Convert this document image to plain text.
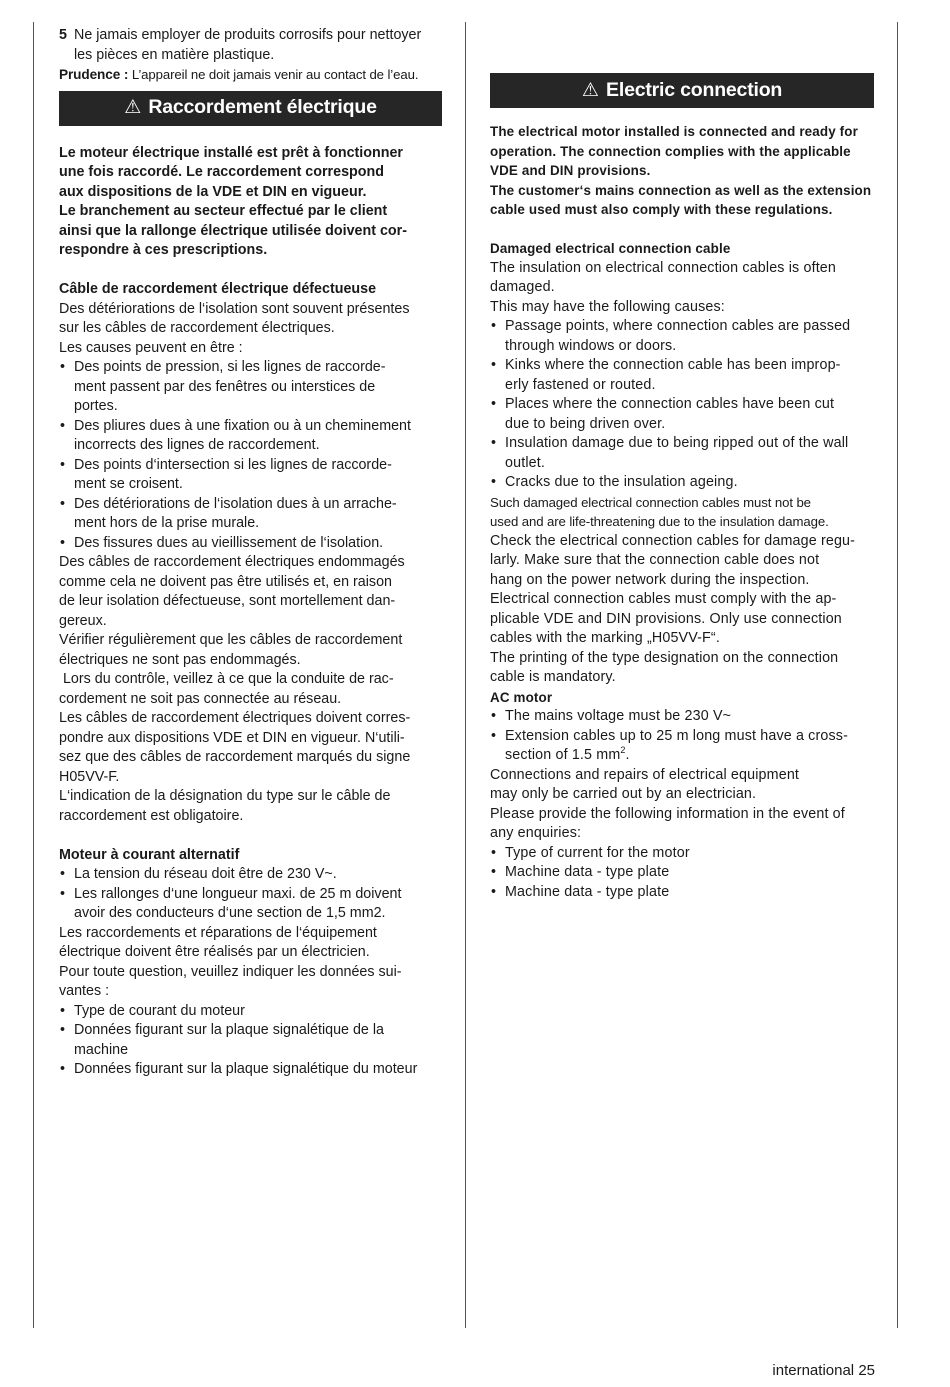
5 Ne jamais employer de produits corrosifs pour nettoyer les pièces en matière plastique.

Prudence : L’appareil ne doit jamais venir au contact de l’eau.

⚠ Raccordement électrique

Le moteur électrique installé est prêt à fonctionner

une fois raccordé. Le raccordement correspond

aux dispositions de la VDE et DIN en vigueur.

Le branchement au secteur effectué par le client

ainsi que la rallonge électrique utilisée doivent cor-

respondre à ces prescriptions.

Câble de raccordement électrique défectueuse

Des détériorations de l‘isolation sont souvent présentes

sur les câbles de raccordement électriques.

Les causes peuvent en être :

• Des points de pression, si les lignes de raccorde-

ment passent par des fenêtres ou interstices de

portes.

• Des pliures dues à une fixation ou à un cheminement

incorrects des lignes de raccordement.

• Des points d‘intersection si les lignes de raccorde-

ment se croisent.

• Des détériorations de l‘isolation dues à un arrache-

ment hors de la prise murale.

• Des fissures dues au vieillissement de l‘isolation.

Des câbles de raccordement électriques endommagés

comme cela ne doivent pas être utilisés et, en raison

de leur isolation défectueuse, sont mortellement dan-

gereux.

Vérifier régulièrement que les câbles de raccordement

électriques ne sont pas endommagés.

Lors du contrôle, veillez à ce que la conduite de rac-

cordement ne soit pas connectée au réseau.

Les câbles de raccordement électriques doivent corres-

pondre aux dispositions VDE et DIN en vigueur. N‘utili-

sez que des câbles de raccordement marqués du signe

H05VV-F.

L‘indication de la désignation du type sur le câble de

raccordement est obligatoire.

Moteur à courant alternatif

• La tension du réseau doit être de 230 V~.

• Les rallonges d‘une longueur maxi. de 25 m doivent

avoir des conducteurs d‘une section de 1,5 mm2.

Les raccordements et réparations de l‘équipement

électrique doivent être réalisés par un électricien.

Pour toute question, veuillez indiquer les données sui-

vantes :

• Type de courant du moteur

• Données figurant sur la plaque signalétique de la

machine

• Données figurant sur la plaque signalétique du moteur

⚠ Electric connection

The electrical motor installed is connected and ready for

operation. The connection complies with the applicable

VDE and DIN provisions.

The customer‘s mains connection as well as the extension

cable used must also comply with these regulations.

Damaged electrical connection cable

The insulation on electrical connection cables is often

damaged.

This may have the following causes:

• Passage points, where connection cables are passed

through windows or doors.

• Kinks where the connection cable has been improp-

erly fastened or routed.

• Places where the connection cables have been cut

due to being driven over.

• Insulation damage due to being ripped out of the wall

outlet.

• Cracks due to the insulation ageing.

Such damaged electrical connection cables must not be

used and are life-threatening due to the insulation damage.

Check the electrical connection cables for damage regu-

larly. Make sure that the connection cable does not

hang on the power network during the inspection.

Electrical connection cables must comply with the ap-

plicable VDE and DIN provisions. Only use connection

cables with the marking „H05VV-F“.

The printing of the type designation on the connection

cable is mandatory.

AC motor

• The mains voltage must be 230 V~

• Extension cables up to 25 m long must have a cross-

section of 1.5 $mm^2$.

Connections and repairs of electrical equipment

may only be carried out by an electrician.

Please provide the following information in the event of

any enquiries:

• Type of current for the motor

• Machine data - type plate

• Machine data - type plate

international 25
